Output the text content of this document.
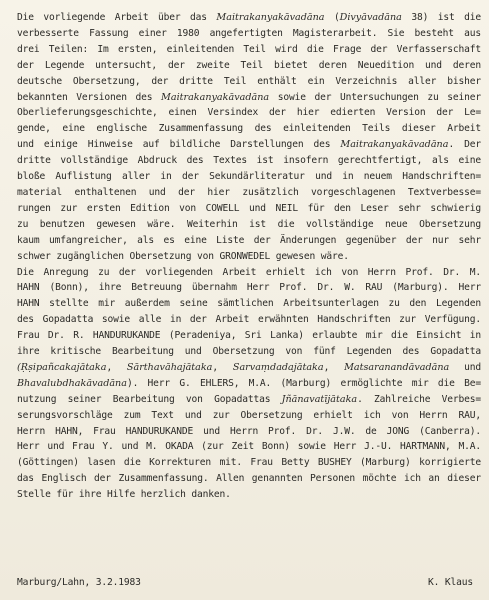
Die vorliegende Arbeit über das Maitrakanyakāvadāna (Divyāvadāna 38) ist die
verbesserte Fassung einer 1980 angefertigten Magisterarbeit. Sie besteht aus
drei Teilen: Im ersten, einleitenden Teil wird die Frage der Verfasserschaft
der Legende untersucht, der zweite Teil bietet deren Neuedition und deren
deutsche Obersetzung, der dritte Teil enthält ein Verzeichnis aller bisher
bekannten Versionen des Maitrakanyakāvadāna sowie der Untersuchungen zu seiner
Oberlieferungsgeschichte, einen Versindex der hier edierten Version der Le=
gende, eine englische Zusammenfassung des einleitenden Teils dieser Arbeit
und einige Hinweise auf bildliche Darstellungen des Maitrakanyakāvadāna. Der
dritte vollständige Abdruck des Textes ist insofern gerechtfertigt, als eine
bloße Auflistung aller in der Sekundärliteratur und in neuem Handschriften=
material enthaltenen und der hier zusätzlich vorgeschlagenen Textverbesse=
rungen zur ersten Edition von COWELL und NEIL für den Leser sehr schwierig
zu benutzen gewesen wäre. Weiterhin ist die vollständige neue Obersetzung
kaum umfangreicher, als es eine Liste der Änderungen gegenüber der nur sehr
schwer zugänglichen Obersetzung von GRONWEDEL gewesen wäre.
Die Anregung zu der vorliegenden Arbeit erhielt ich von Herrn Prof. Dr. M.
HAHN (Bonn), ihre Betreuung übernahm Herr Prof. Dr. W. RAU (Marburg). Herr
HAHN stellte mir außerdem seine sämtlichen Arbeitsunterlagen zu den Legenden
des Gopadatta sowie alle in der Arbeit erwähnten Handschriften zur Verfügung.
Frau Dr. R. HANDURUKANDE (Peradeniya, Sri Lanka) erlaubte mir die Einsicht in
ihre kritische Bearbeitung und Obersetzung von fünf Legenden des Gopadatta
(Ṛṣipañcakajātaka, Sārthavāhajātaka, Sarvaṃdadajātaka, Matsaranandāvadāna und
Bhavalubdhakāvadāna). Herr G. EHLERS, M.A. (Marburg) ermöglichte mir die Be=
nutzung seiner Bearbeitung von Gopadattas Jñānavatījātaka. Zahlreiche Verbes=
serungsvorschläge zum Text und zur Obersetzung erhielt ich von Herrn RAU,
Herrn HAHN, Frau HANDURUKANDE und Herrn Prof. Dr. J.W. de JONG (Canberra).
Herr und Frau Y. und M. OKADA (zur Zeit Bonn) sowie Herr J.-U. HARTMANN, M.A.
(Göttingen) lasen die Korrekturen mit. Frau Betty BUSHEY (Marburg) korrigierte
das Englisch der Zusammenfassung. Allen genannten Personen möchte ich an dieser
Stelle für ihre Hilfe herzlich danken.
Marburg/Lahn, 3.2.1983	K. Klaus
